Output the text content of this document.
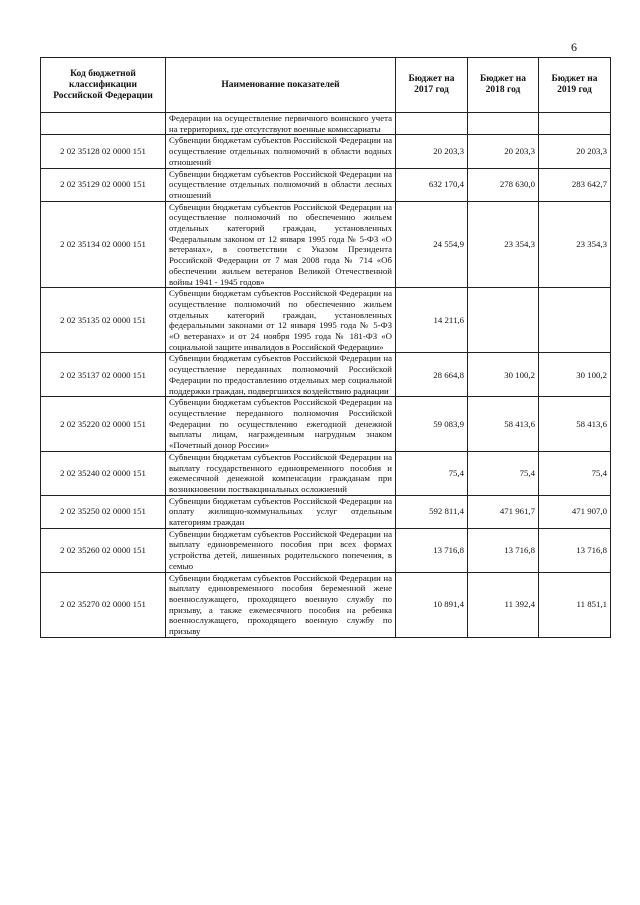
6
Код бюджетной классификации Российской Федерации	Наименование показателей	Бюджет на 2017 год	Бюджет на 2018 год	Бюджет на 2019 год
	Федерации на осуществление первичного воинского учета на территориях, где отсутствуют военные комиссариаты			
2 02 35128 02 0000 151	Субвенции бюджетам субъектов Российской Федерации на осуществление отдельных полномочий в области водных отношений	20 203,3	20 203,3	20 203,3
2 02 35129 02 0000 151	Субвенции бюджетам субъектов Российской Федерации на осуществление отдельных полномочий в области лесных отношений	632 170,4	278 630,0	283 642,7
2 02 35134 02 0000 151	Субвенции бюджетам субъектов Российской Федерации на осуществление полномочий по обеспечению жильем отдельных категорий граждан, установленных Федеральным законом от 12 января 1995 года № 5-ФЗ «О ветеранах», в соответствии с Указом Президента Российской Федерации от 7 мая 2008 года № 714 «Об обеспечении жильем ветеранов Великой Отечественной войны 1941 - 1945 годов»	24 554,9	23 354,3	23 354,3
2 02 35135 02 0000 151	Субвенции бюджетам субъектов Российской Федерации на осуществление полномочий по обеспечению жильем отдельных категорий граждан, установленных федеральными законами от 12 января 1995 года № 5-ФЗ «О ветеранах» и от 24 ноября 1995 года № 181-ФЗ «О социальной защите инвалидов в Российской Федерации»	14 211,6		
2 02 35137 02 0000 151	Субвенции бюджетам субъектов Российской Федерации на осуществление переданных полномочий Российской Федерации по предоставлению отдельных мер социальной поддержки граждан, подвергшихся воздействию радиации	28 664,8	30 100,2	30 100,2
2 02 35220 02 0000 151	Субвенции бюджетам субъектов Российской Федерации на осуществление переданного полномочия Российской Федерации по осуществлению ежегодной денежной выплаты лицам, награжденным нагрудным знаком «Почетный донор России»	59 083,9	58 413,6	58 413,6
2 02 35240 02 0000 151	Субвенции бюджетам субъектов Российской Федерации на выплату государственного единовременного пособия и ежемесячной денежной компенсации гражданам при возникновении поствакцинальных осложнений	75,4	75,4	75,4
2 02 35250 02 0000 151	Субвенции бюджетам субъектов Российской Федерации на оплату жилищно-коммунальных услуг отдельным категориям граждан	592 811,4	471 961,7	471 907,0
2 02 35260 02 0000 151	Субвенции бюджетам субъектов Российской Федерации на выплату единовременного пособия при всех формах устройства детей, лишенных родительского попечения, в семью	13 716,8	13 716,8	13 716,8
2 02 35270 02 0000 151	Субвенции бюджетам субъектов Российской Федерации на выплату единовременного пособия беременной жене военнослужащего, проходящего военную службу по призыву, а также ежемесячного пособия на ребенка военнослужащего, проходящего военную службу по призыву	10 891,4	11 392,4	11 851,1
